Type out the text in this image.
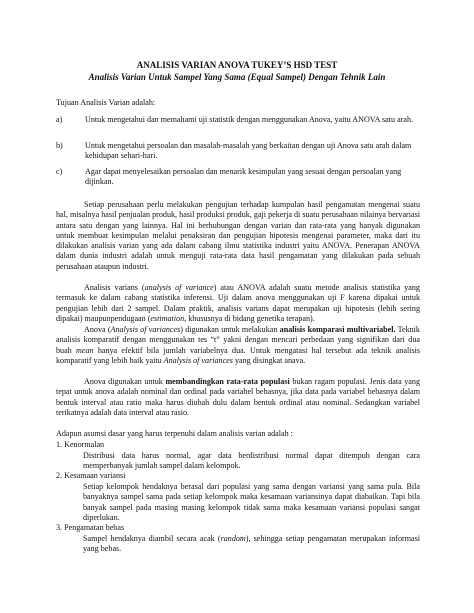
ANALISIS VARIAN ANOVA TUKEY’S HSD TEST
Analisis Varian Untuk Sampel Yang Sama (Equal Sampel) Dengan Tehnik Lain
Tujuan Analisis Varian adalah:
a)	Untuk mengetahui dan memahami uji statistik dengan menggunakan Anova, yaitu ANOVA satu arah.
b)	Untuk mengetahui persoalan dan masalah-masalah yang berkaitan dengan uji Anova satu arah dalam kehidupan sehari-hari.
c)	Agar dapat menyelesaikan persoalan dan menarik kesimpulan yang sesuai dengan persoalan yang dijinkan.

Setiap perusahaan perlu melakukan pengujian terhadap kumpulan hasil pengamatan mengenai suatu hal, misalnya hasil penjualan produk, hasil produksi produk, gaji pekerja di suatu perusahaan nilainya bervariasi antara satu dengan yang lainnya. Hal ini berhubungan dengan varian dan rata-rata yang banyak digunakan untuk membuat kesimpulan melalui penaksiran dan pengujian hipotesis mengenai parameter, maka dari itu dilakukan analisis varian yang ada dalam cabang ilmu statistika industri yaitu ANOVA. Penerapan ANOVA dalam dunia industri adalah untuk menguji rata-rata data hasil pengamatan yang dilakukan pada sebuah perusahaan ataupun industri.

Analisis varians (analysis of variance) atau ANOVA adalah suatu metode analisis statistika yang termasuk ke dalam cabang statistika inferensi. Uji dalam anova menggunakan uji F karena dipakai untuk pengujian lebih dari 2 sampel. Dalam praktik, analisis varians dapat merupakan uji hipotesis (lebih sering dipakai) maupunpendugaan (estimation, khususnya di bidang genetika terapan).

Anova (Analysis of variances) digunakan untuk melakukan analisis komparasi multivariabel. Teknik analisis komparatif dengan menggunakan tes “t” yakni dengan mencari perbedaan yang signifikan dari dua buah mean hanya efektif bila jumlah variabelnya dua. Untuk mengatasi hal tersebut ada teknik analisis komparatif yang lebih baik yaitu Analysis of variances yang disingkat anava.

Anova digunakan untuk membandingkan rata-rata populasi bukan ragam populasi. Jenis data yang tepat untuk anova adalah nominal dan ordinal pada variabel bebasnya, jika data pada variabel bebasnya dalam bentuk interval atau ratio maka harus diubah dulu dalam bentuk ordinal atau nominal. Sedangkan variabel terikatnya adalah data interval atau rasio.

Adapun asumsi dasar yang harus terpenuhi dalam analisis varian adalah :
1. Kenormalan

Distribusi data harus normal, agar data berdistribusi normal dapat ditempuh dengan cara memperbanyak jumlah sampel dalam kelompok.

2. Kesamaan variansi

Setiap kelompok hendaknya berasal dari populasi yang sama dengan variansi yang sama pula. Bila banyaknya sampel sama pada setiap kelompok maka kesamaan variansinya dapat diabaikan. Tapi bila banyak sampel pada masing masing kelompok tidak sama maka kesamaan variansi populasi sangat diperlukan.

3. Pengamatan bebas

Sampel hendaknya diambil secara acak (random), sehingga setiap pengamatan merupakan informasi yang bebas.
